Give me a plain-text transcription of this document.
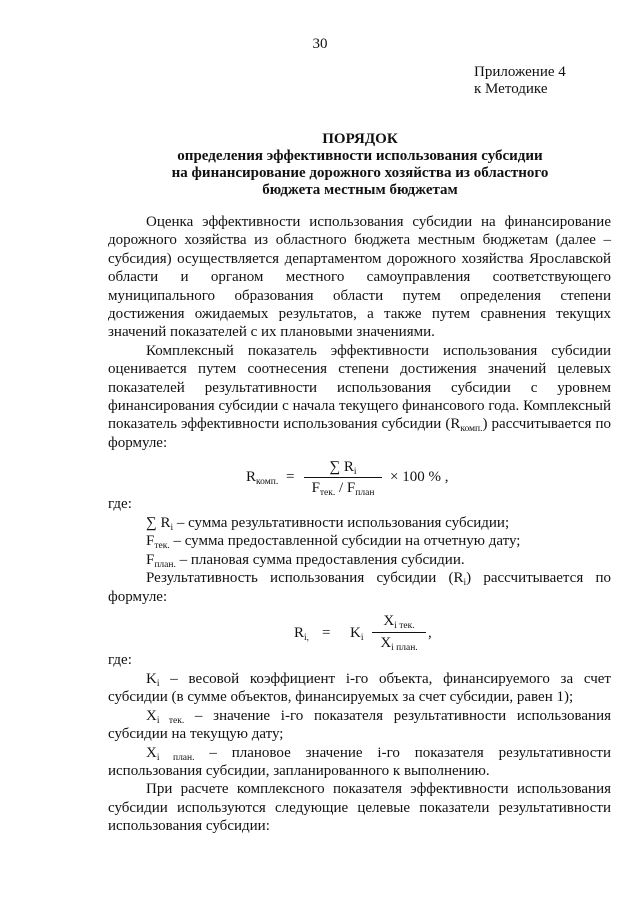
30
Приложение 4
к Методике
ПОРЯДОК
определения эффективности использования субсидии
на финансирование дорожного хозяйства из областного
бюджета местным бюджетам

Оценка эффективности использования субсидии на финансирование дорожного хозяйства из областного бюджета местным бюджетам (далее – субсидия) осуществляется департаментом дорожного хозяйства Ярославской области и органом местного самоуправления соответствующего муниципального образования области путем определения степени достижения ожидаемых результатов, а также путем сравнения текущих значений показателей с их плановыми значениями.

Комплексный показатель эффективности использования субсидии оценивается путем соотнесения степени достижения значений целевых показателей результативности использования субсидии с уровнем финансирования субсидии с начала текущего финансового года. Комплексный показатель эффективности использования субсидии $(R_{комп.})$ рассчитывается по формуле:

$R_{комп.}$ =
∑ $R_i$
$F_{тек.} / F_{план}$
× 100 % ,
где:

∑ $R_i$ – сумма результативности использования субсидии;

$F_{тек.}$ – сумма предоставленной субсидии на отчетную дату;

$F_{план.}$ – плановая сумма предоставления субсидии.

Результативность использования субсидии $(R_i)$ рассчитывается по формуле:

$R_{i,} = K_i$
$X_{i тек.}$
$X_{i план.}$
,
где:

$K_i$ – весовой коэффициент i-го объекта, финансируемого за счет субсидии (в сумме объектов, финансируемых за счет субсидии, равен 1);

$X_{i тек.}$ – значение i-го показателя результативности использования субсидии на текущую дату;

$X_{i план.}$ – плановое значение i-го показателя результативности использования субсидии, запланированного к выполнению.

При расчете комплексного показателя эффективности использования субсидии используются следующие целевые показатели результативности использования субсидии:
